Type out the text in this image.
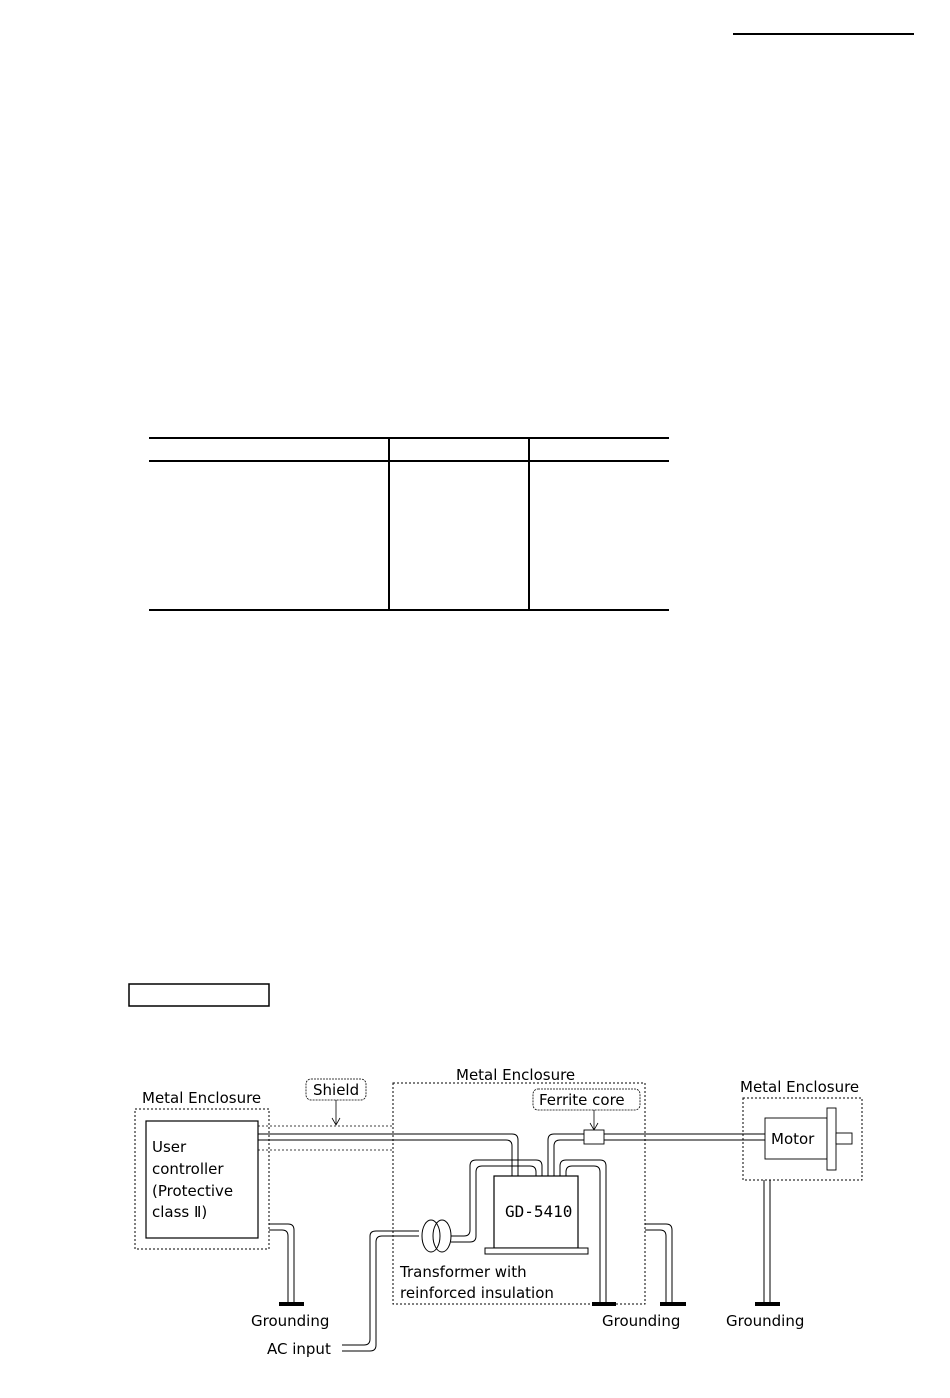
Metal Enclosure
Metal Enclosure
Metal Enclosure
Shield
Ferrite core
User
controller
(Protective
class Ⅱ)	GD-5410
Motor
Transformer with
reinforced insulation
Grounding	Grounding	Grounding
AC input
